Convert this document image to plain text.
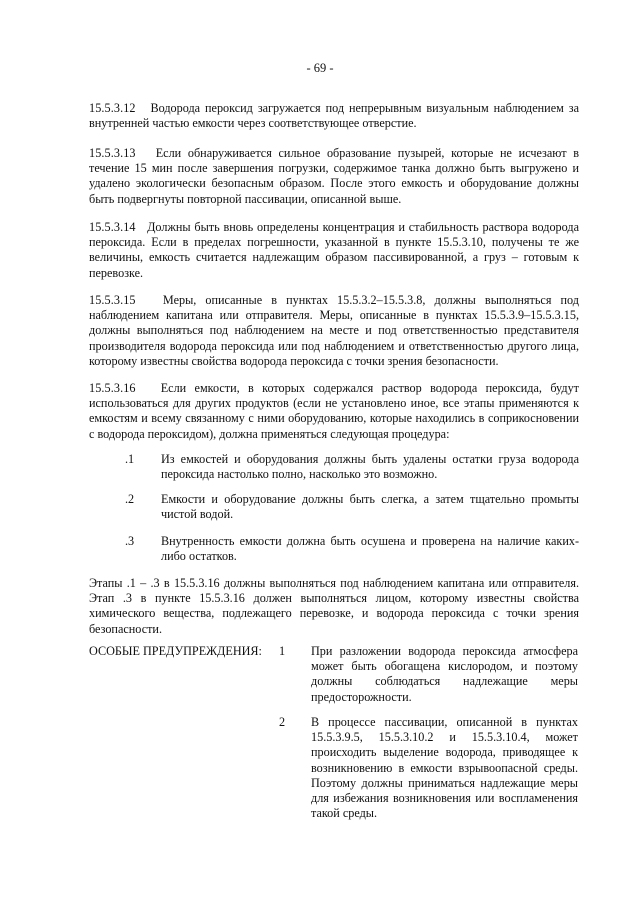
- 69 -

15.5.3.12 Водорода пероксид загружается под непрерывным визуальным наблюдением за внутренней частью емкости через соответствующее отверстие.

15.5.3.13 Если обнаруживается сильное образование пузырей, которые не исчезают в течение 15 мин после завершения погрузки, содержимое танка должно быть выгружено и удалено экологически безопасным образом. После этого емкость и оборудование должны быть подвергнуты повторной пассивации, описанной выше.

15.5.3.14 Должны быть вновь определены концентрация и стабильность раствора водорода пероксида. Если в пределах погрешности, указанной в пункте 15.5.3.10, получены те же величины, емкость считается надлежащим образом пассивированной, а груз – готовым к перевозке.

15.5.3.15 Меры, описанные в пунктах 15.5.3.2–15.5.3.8, должны выполняться под наблюдением капитана или отправителя. Меры, описанные в пунктах 15.5.3.9–15.5.3.15, должны выполняться под наблюдением на месте и под ответственностью представителя производителя водорода пероксида или под наблюдением и ответственностью другого лица, которому известны свойства водорода пероксида с точки зрения безопасности.

15.5.3.16 Если емкости, в которых содержался раствор водорода пероксида, будут использоваться для других продуктов (если не установлено иное, все этапы применяются к емкостям и всему связанному с ними оборудованию, которые находились в соприкосновении с водорода пероксидом), должна применяться следующая процедура:

.1	Из емкостей и оборудования должны быть удалены остатки груза водорода пероксида настолько полно, насколько это возможно.
.2	Емкости и оборудование должны быть слегка, а затем тщательно промыты чистой водой.
.3	Внутренность емкости должна быть осушена и проверена на наличие каких-либо остатков.

Этапы .1 – .3 в 15.5.3.16 должны выполняться под наблюдением капитана или отправителя. Этап .3 в пункте 15.5.3.16 должен выполняться лицом, которому известны свойства химического вещества, подлежащего перевозке, и водорода пероксида с точки зрения безопасности.

ОСОБЫЕ ПРЕДУПРЕЖДЕНИЯ: 1	При разложении водорода пероксида атмосфера может быть обогащена кислородом, и поэтому должны соблюдаться надлежащие меры предосторожности.
2	В процессе пассивации, описанной в пунктах 15.5.3.9.5, 15.5.3.10.2 и 15.5.3.10.4, может происходить выделение водорода, приводящее к возникновению в емкости взрывоопасной среды. Поэтому должны приниматься надлежащие меры для избежания возникновения или воспламенения такой среды.
